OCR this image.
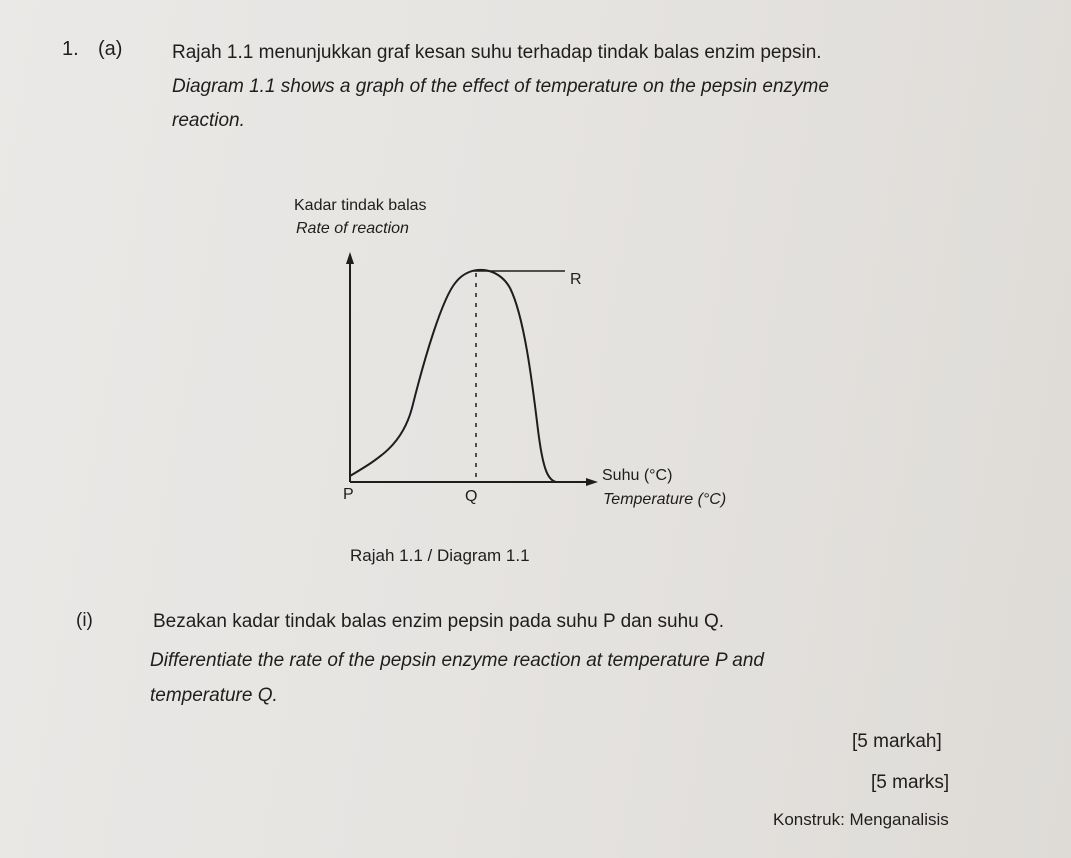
1. (a)	Rajah 1.1 menunjukkan graf kesan suhu terhadap tindak balas enzim pepsin.
Diagram 1.1 shows a graph of the effect of temperature on the pepsin enzyme
reaction.
Kadar tindak balas
Rate of reaction
Suhu (°C)
Temperature (°C)
P	Q
R
Rajah 1.1 / Diagram 1.1
(i)	Bezakan kadar tindak balas enzim pepsin pada suhu P dan suhu Q.
Differentiate the rate of the pepsin enzyme reaction at temperature P and
temperature Q.
[5 markah]
[5 marks]
Konstruk: Menganalisis
